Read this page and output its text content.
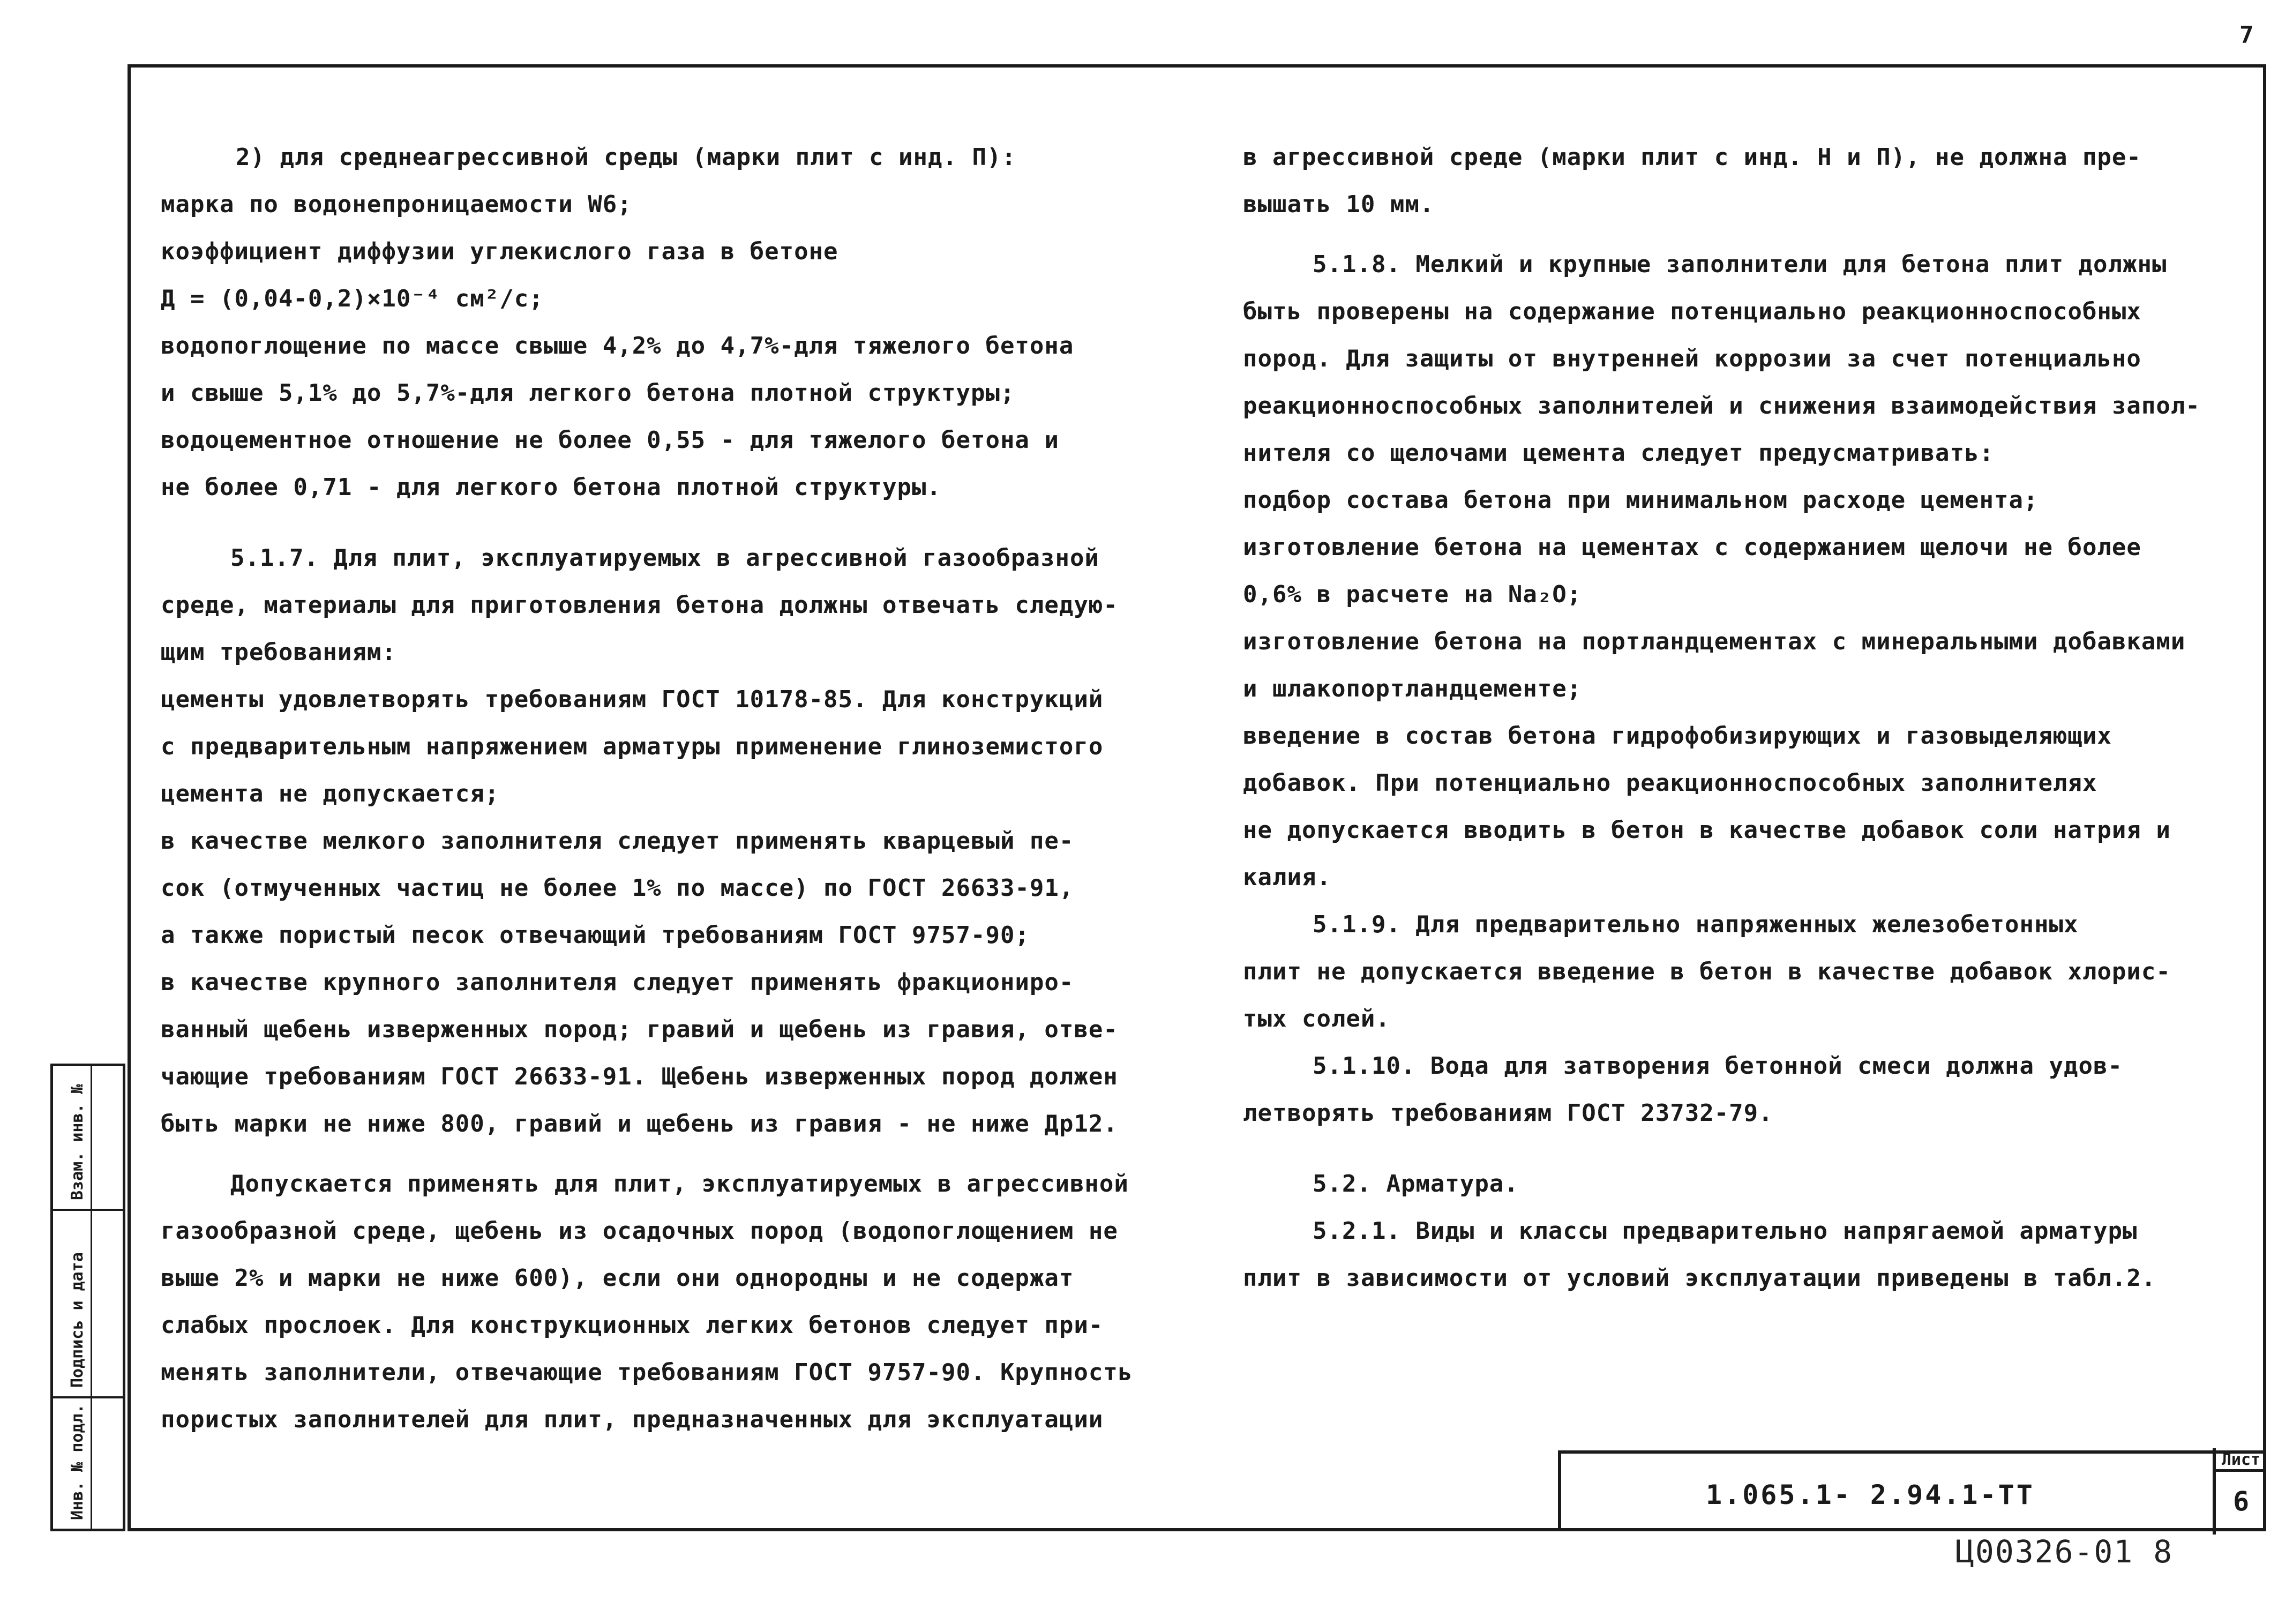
7
2) для среднеагрессивной среды (марки плит с инд. П):
марка по водонепроницаемости W6;
коэффициент диффузии углекислого газа в бетоне
Д = (0,04-0,2)×10⁻⁴ см²/с;
водопоглощение по массе свыше 4,2% до 4,7%-для тяжелого бетона
и свыше 5,1% до 5,7%-для легкого бетона плотной структуры;
водоцементное отношение не более 0,55 - для тяжелого бетона и
не более 0,71 - для легкого бетона плотной структуры.
5.1.7. Для плит, эксплуатируемых в агрессивной газообразной
среде, материалы для приготовления бетона должны отвечать следую-
щим требованиям:
цементы удовлетворять требованиям ГОСТ 10178-85. Для конструкций
с предварительным напряжением арматуры применение глиноземистого
цемента не допускается;
в качестве мелкого заполнителя следует применять кварцевый пе-
сок (отмученных частиц не более 1% по массе) по ГОСТ 26633-91,
а также пористый песок отвечающий требованиям ГОСТ 9757-90;
в качестве крупного заполнителя следует применять фракциониро-
ванный щебень изверженных пород; гравий и щебень из гравия, отве-
чающие требованиям ГОСТ 26633-91. Щебень изверженных пород должен
быть марки не ниже 800, гравий и щебень из гравия - не ниже Др12.
Допускается применять для плит, эксплуатируемых в агрессивной
газообразной среде, щебень из осадочных пород (водопоглощением не
выше 2% и марки не ниже 600), если они однородны и не содержат
слабых прослоек. Для конструкционных легких бетонов следует при-
менять заполнители, отвечающие требованиям ГОСТ 9757-90. Крупность
пористых заполнителей для плит, предназначенных для эксплуатации
в агрессивной среде (марки плит с инд. Н и П), не должна пре-
вышать 10 мм.
5.1.8. Мелкий и крупные заполнители для бетона плит должны
быть проверены на содержание потенциально реакционноспособных
пород. Для защиты от внутренней коррозии за счет потенциально
реакционноспособных заполнителей и снижения взаимодействия запол-
нителя со щелочами цемента следует предусматривать:
подбор состава бетона при минимальном расходе цемента;
изготовление бетона на цементах с содержанием щелочи не более
0,6% в расчете на Na₂O;
изготовление бетона на портландцементах с минеральными добавками
и шлакопортландцементе;
введение в состав бетона гидрофобизирующих и газовыделяющих
добавок. При потенциально реакционноспособных заполнителях
не допускается вводить в бетон в качестве добавок соли натрия и
калия.
5.1.9. Для предварительно напряженных железобетонных
плит не допускается введение в бетон в качестве добавок хлорис-
тых солей.
5.1.10. Вода для затворения бетонной смеси должна удов-
летворять требованиям ГОСТ 23732-79.
5.2. Арматура.
5.2.1. Виды и классы предварительно напрягаемой арматуры
плит в зависимости от условий эксплуатации приведены в табл.2.
Взам. инв. №
Подпись и дата
Инв. № подл.	1.065.1- 2.94.1-ТТ
Лист
6
Ц00326-01 8
